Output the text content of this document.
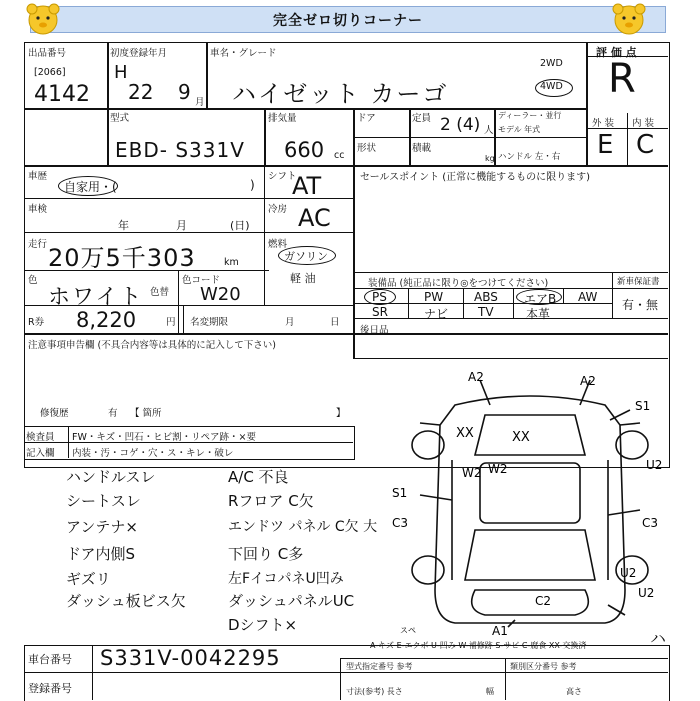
完全ゼロ切りコーナー
出品番号
[2066]
4142
初度登録年月
H
22 9 月
車名・グレード
ハイゼット カーゴ
2WD
4WD
評 価 点
R
外 装 内 装
E C
型式
EBD- S331V
排気量
660 cc
ドア	定員 2 (4) 人
ディーラー・並行
モデル 年式
形状	積載
kg ハンドル 左・右
車歴
自家用・(	)
シフト
AT
車検
年	月	(日)
冷房 AC
走行 20万5千303	km
燃料
ガソリン
軽 油
色
ホワイト 色替
色コード
W20
R券 8,220	円 名変期限	月	日
セールスポイント (正常に機能するものに限ります)
装備品 (純正品に限り◎をつけてください)	新車保証書
有・無
PS	PW	ABS エアB AW
SR	ナビ TV	本革
後日品
注意事項申告欄 (不具合内容等は具体的に記入して下さい)
修復歴	有 【 箇所	】
検査員 FW・キズ・凹石・ヒビ割・リペア跡・×要
記入欄 内装・汚・コゲ・穴・ス・キレ・破レ
ハンドルスレ
シートスレ
アンテナ×
ドア内側S
ギズリ
ダッシュ板ビス欠
A/C 不良
Rフロア C欠
エンドツ パネル C欠 大
下回り C多
左FイコパネU凹み
ダッシュパネルUC
Dシフト×
A2	A2
S1
XX	XX
U2
W2 W2
S1
C3	C3
U2
C2
A1
U2
スペ
A-キズ E-エクボ U-凹み W-補修跡 S-サビ C-腐食 XX-交換済
車台番号 S331V-0042295
登録番号
型式指定番号 参考	類別区分番号 参考
寸法(参考) 長さ	幅	高さ
ハ
